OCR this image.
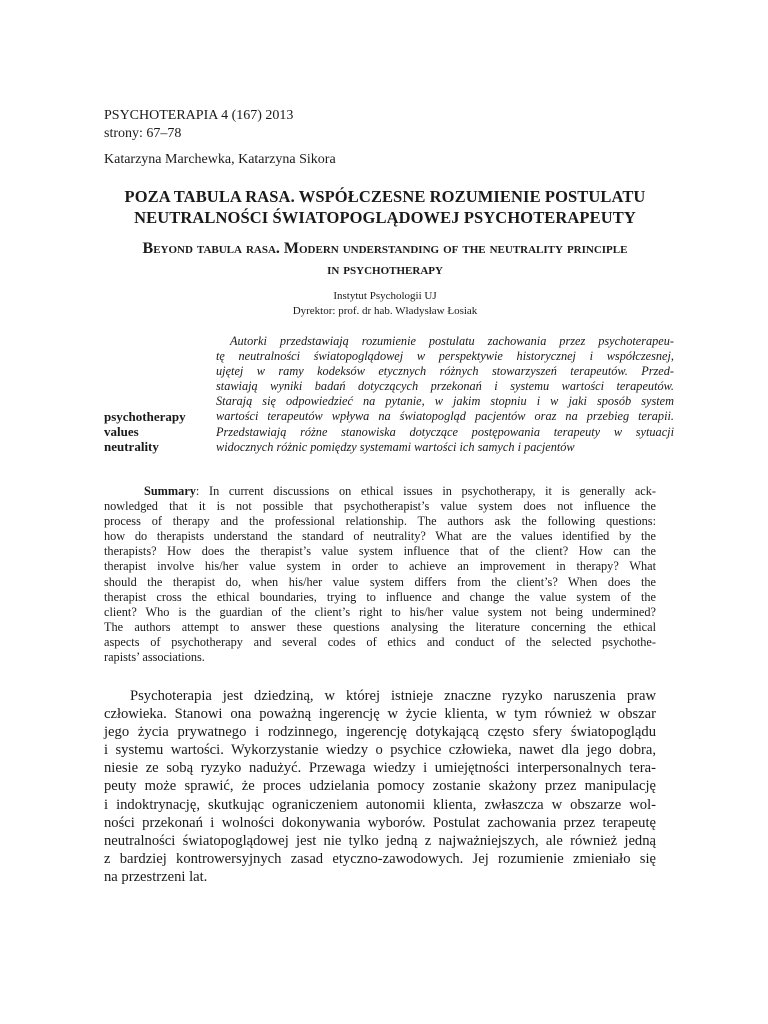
PSYCHOTERAPIA 4 (167) 2013
strony: 67–78
Katarzyna Marchewka, Katarzyna Sikora
POZA TABULA RASA. WSPÓŁCZESNE ROZUMIENIE POSTULATU
NEUTRALNOŚCI ŚWIATOPOGLĄDOWEJ PSYCHOTERAPEUTY
Beyond tabula rasa. Modern understanding of the neutrality principle
in psychotherapy
Instytut Psychologii UJ
Dyrektor: prof. dr hab. Władysław Łosiak
psychotherapy
values
neutrality
Autorki przedstawiają rozumienie postulatu zachowania przez psychoterapeu-
tę neutralności światopoglądowej w perspektywie historycznej i współczesnej,
ujętej w ramy kodeksów etycznych różnych stowarzyszeń terapeutów. Przed-
stawiają wyniki badań dotyczących przekonań i systemu wartości terapeutów.
Starają się odpowiedzieć na pytanie, w jakim stopniu i w jaki sposób system
wartości terapeutów wpływa na światopogląd pacjentów oraz na przebieg terapii.
Przedstawiają różne stanowiska dotyczące postępowania terapeuty w sytuacji
widocznych różnic pomiędzy systemami wartości ich samych i pacjentów
Summary: In current discussions on ethical issues in psychotherapy, it is generally ack-
nowledged that it is not possible that psychotherapist’s value system does not influence the
process of therapy and the professional relationship. The authors ask the following questions:
how do therapists understand the standard of neutrality? What are the values identified by the
therapists? How does the therapist’s value system influence that of the client? How can the
therapist involve his/her value system in order to achieve an improvement in therapy? What
should the therapist do, when his/her value system differs from the client’s? When does the
therapist cross the ethical boundaries, trying to influence and change the value system of the
client? Who is the guardian of the client’s right to his/her value system not being undermined?
The authors attempt to answer these questions analysing the literature concerning the ethical
aspects of psychotherapy and several codes of ethics and conduct of the selected psychothe-
rapists’ associations.
Psychoterapia jest dziedziną, w której istnieje znaczne ryzyko naruszenia praw
człowieka. Stanowi ona poważną ingerencję w życie klienta, w tym również w obszar
jego życia prywatnego i rodzinnego, ingerencję dotykającą często sfery światopoglądu
i systemu wartości. Wykorzystanie wiedzy o psychice człowieka, nawet dla jego dobra,
niesie ze sobą ryzyko nadużyć. Przewaga wiedzy i umiejętności interpersonalnych tera-
peuty może sprawić, że proces udzielania pomocy zostanie skażony przez manipulację
i indoktrynację, skutkując ograniczeniem autonomii klienta, zwłaszcza w obszarze wol-
ności przekonań i wolności dokonywania wyborów. Postulat zachowania przez terapeutę
neutralności światopoglądowej jest nie tylko jedną z najważniejszych, ale również jedną
z bardziej kontrowersyjnych zasad etyczno-zawodowych. Jej rozumienie zmieniało się
na przestrzeni lat.
